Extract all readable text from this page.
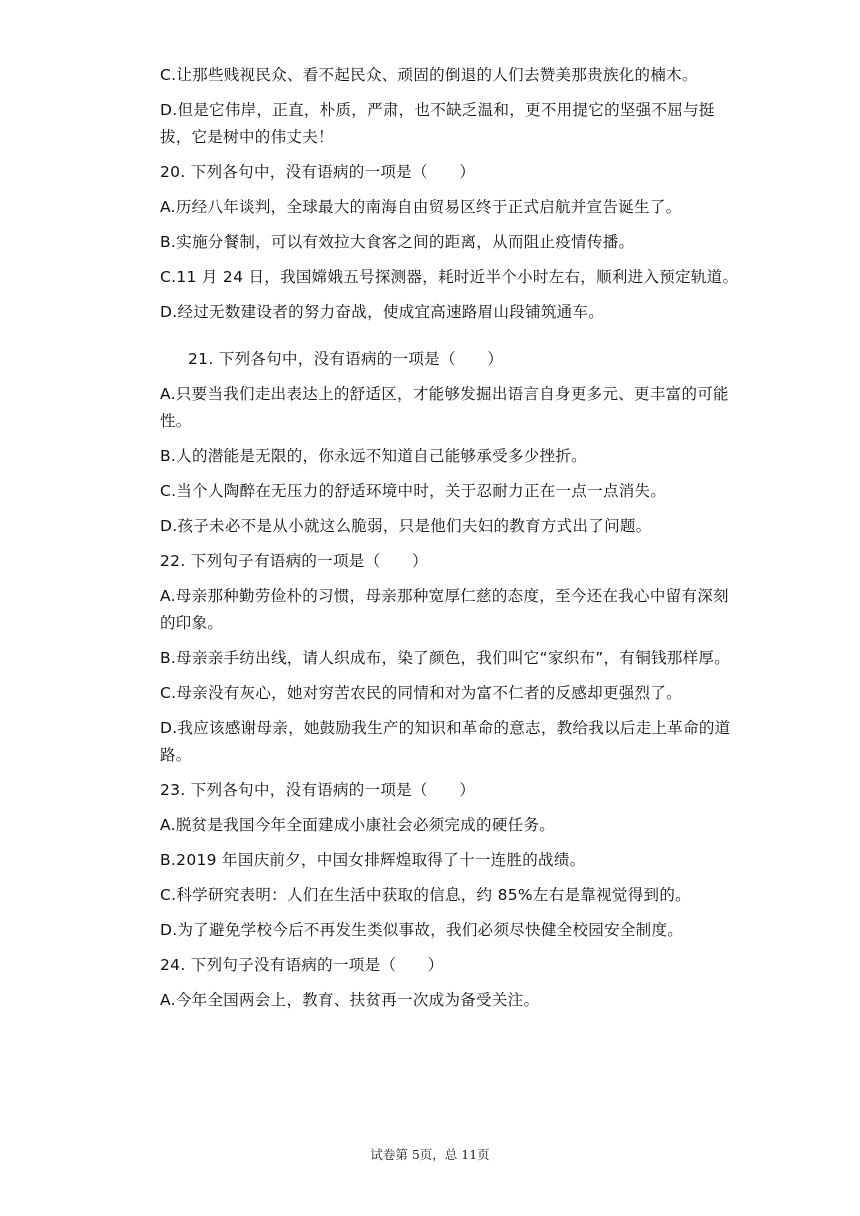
C.让那些贱视民众、看不起民众、顽固的倒退的人们去赞美那贵族化的楠木。

D.但是它伟岸，正直，朴质，严肃，也不缺乏温和，更不用提它的坚强不屈与挺拔，它是树中的伟丈夫！

20. 下列各句中，没有语病的一项是（　　）

A.历经八年谈判，全球最大的南海自由贸易区终于正式启航并宣告诞生了。

B.实施分餐制，可以有效拉大食客之间的距离，从而阻止疫情传播。

C.11 月 24 日，我国嫦娥五号探测器，耗时近半个小时左右，顺利进入预定轨道。

D.经过无数建设者的努力奋战，使成宜高速路眉山段铺筑通车。

21. 下列各句中，没有语病的一项是（　　）

A.只要当我们走出表达上的舒适区，才能够发掘出语言自身更多元、更丰富的可能性。

B.人的潜能是无限的，你永远不知道自己能够承受多少挫折。

C.当个人陶醉在无压力的舒适环境中时，关于忍耐力正在一点一点消失。

D.孩子未必不是从小就这么脆弱，只是他们夫妇的教育方式出了问题。

22. 下列句子有语病的一项是（　　）

A.母亲那种勤劳俭朴的习惯，母亲那种宽厚仁慈的态度，至今还在我心中留有深刻的印象。

B.母亲亲手纺出线，请人织成布，染了颜色，我们叫它“家织布”，有铜钱那样厚。

C.母亲没有灰心，她对穷苦农民的同情和对为富不仁者的反感却更强烈了。

D.我应该感谢母亲，她鼓励我生产的知识和革命的意志，教给我以后走上革命的道路。

23. 下列各句中，没有语病的一项是（　　）

A.脱贫是我国今年全面建成小康社会必须完成的硬任务。

B.2019 年国庆前夕，中国女排辉煌取得了十一连胜的战绩。

C.科学研究表明：人们在生活中获取的信息，约 85%左右是靠视觉得到的。

D.为了避免学校今后不再发生类似事故，我们必须尽快健全校园安全制度。

24. 下列句子没有语病的一项是（　　）

A.今年全国两会上，教育、扶贫再一次成为备受关注。

试卷第 5页，总 11页
